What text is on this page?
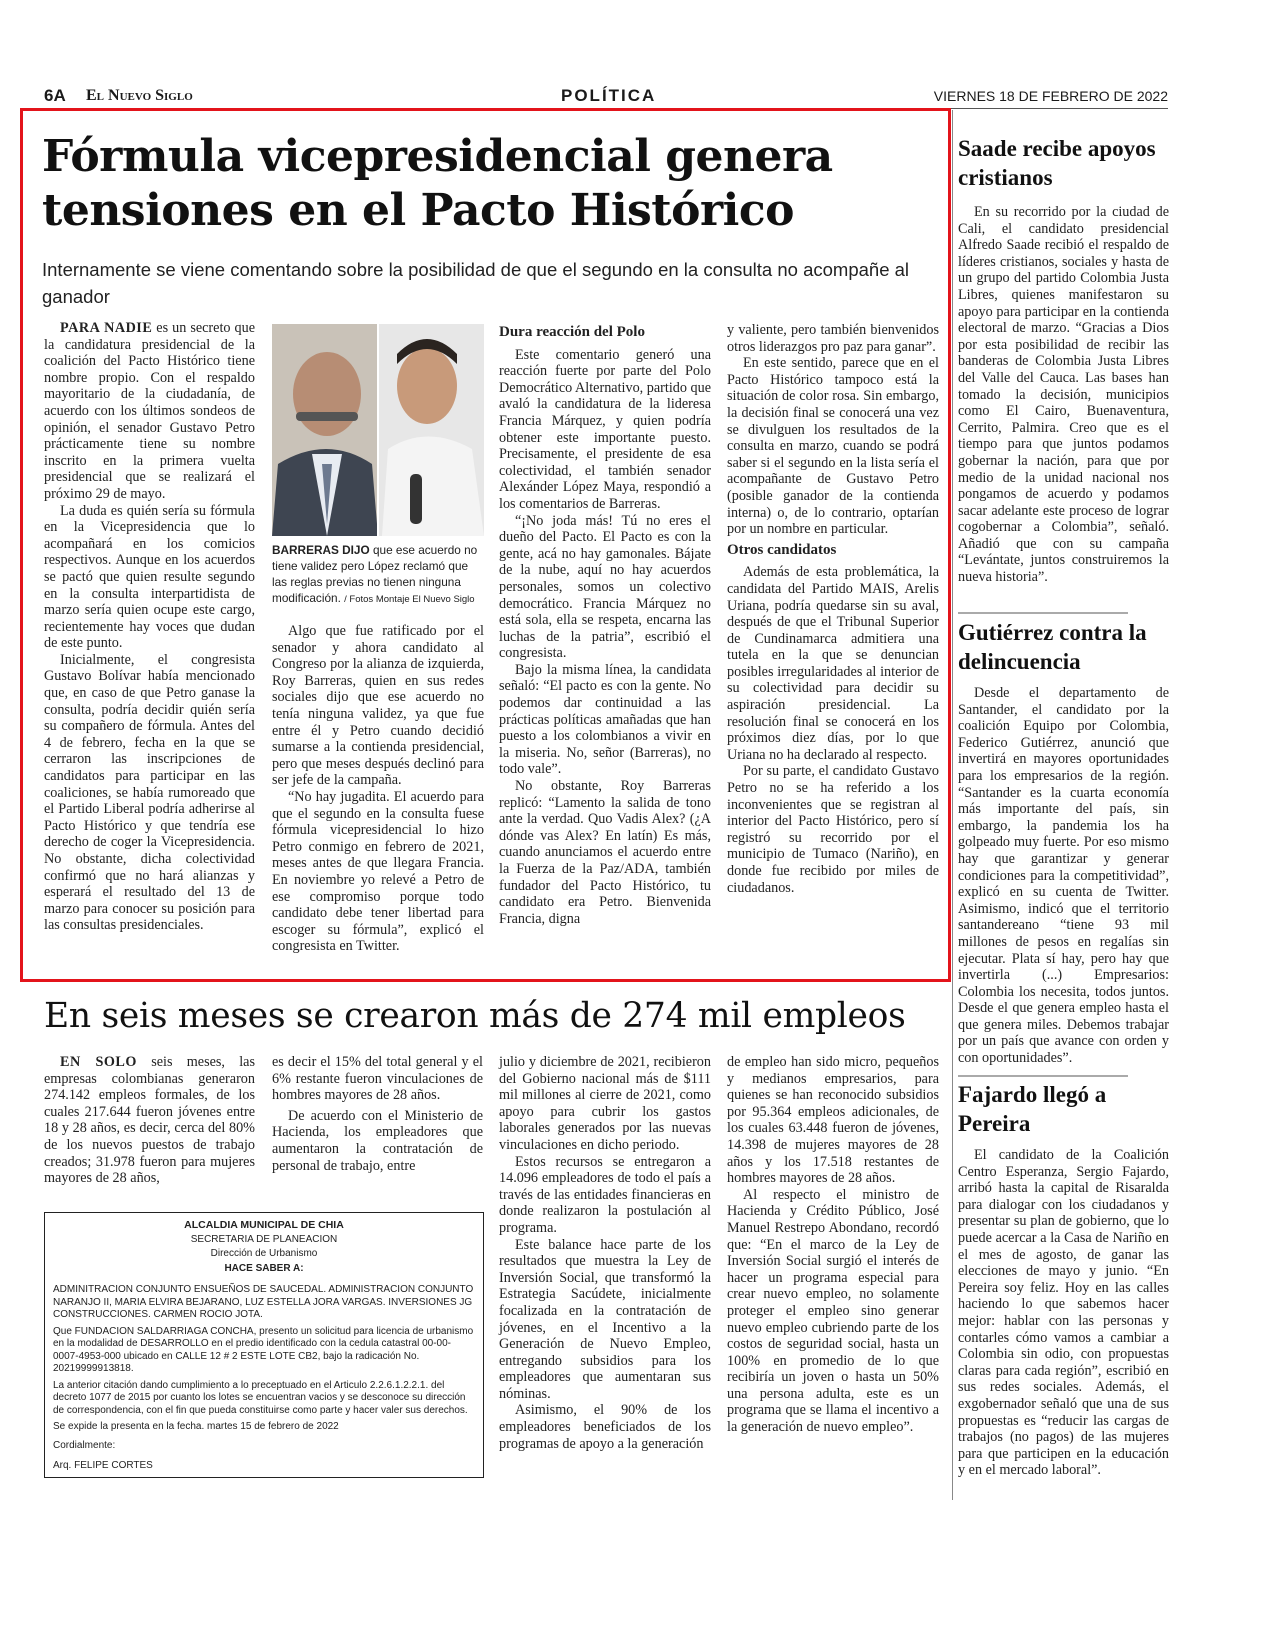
6A El Nuevo Siglo	POLÍTICA	VIERNES 18 DE FEBRERO DE 2022
Fórmula vicepresidencial genera
tensiones en el Pacto Histórico
Internamente se viene comentando sobre la posibilidad de que el segundo en la consulta no acompañe al ganador

PARA NADIE es un secreto que la candidatura presidencial de la coalición del Pacto Histórico tiene nombre propio. Con el respaldo mayoritario de la ciudadanía, de acuerdo con los últimos sondeos de opinión, el senador Gustavo Petro prácticamente tiene su nombre inscrito en la primera vuelta presidencial que se realizará el próximo 29 de mayo.

La duda es quién sería su fórmula en la Vicepresidencia que lo acompañará en los comicios respectivos. Aunque en los acuerdos se pactó que quien resulte segundo en la consulta interpartidista de marzo sería quien ocupe este cargo, recientemente hay voces que dudan de este punto.

Inicialmente, el congresista Gustavo Bolívar había mencionado que, en caso de que Petro ganase la consulta, podría decidir quién sería su compañero de fórmula. Antes del 4 de febrero, fecha en la que se cerraron las inscripciones de candidatos para participar en las coaliciones, se había rumoreado que el Partido Liberal podría adherirse al Pacto Histórico y que tendría ese derecho de coger la Vicepresidencia. No obstante, dicha colectividad confirmó que no hará alianzas y esperará el resultado del 13 de marzo para conocer su posición para las consultas presidenciales.

BARRERAS DIJO que ese acuerdo no tiene validez pero López reclamó que las reglas previas no tienen ninguna modificación. / Fotos Montaje El Nuevo Siglo

Algo que fue ratificado por el senador y ahora candidato al Congreso por la alianza de izquierda, Roy Barreras, quien en sus redes sociales dijo que ese acuerdo no tenía ninguna validez, ya que fue entre él y Petro cuando decidió sumarse a la contienda presidencial, pero que meses después declinó para ser jefe de la campaña.

“No hay jugadita. El acuerdo para que el segundo en la consulta fuese fórmula vicepresidencial lo hizo Petro conmigo en febrero de 2021, meses antes de que llegara Francia. En noviembre yo relevé a Petro de ese compromiso porque todo candidato debe tener libertad para escoger su fórmula”, explicó el congresista en Twitter.

Dura reacción del Polo

Este comentario generó una reacción fuerte por parte del Polo Democrático Alternativo, partido que avaló la candidatura de la lideresa Francia Márquez, y quien podría obtener este importante puesto. Precisamente, el presidente de esa colectividad, el también senador Alexánder López Maya, respondió a los comentarios de Barreras.

“¡No joda más! Tú no eres el dueño del Pacto. El Pacto es con la gente, acá no hay gamonales. Bájate de la nube, aquí no hay acuerdos personales, somos un colectivo democrático. Francia Márquez no está sola, ella se respeta, encarna las luchas de la patria”, escribió el congresista.

Bajo la misma línea, la candidata señaló: “El pacto es con la gente. No podemos dar continuidad a las prácticas políticas amañadas que han puesto a los colombianos a vivir en la miseria. No, señor (Barreras), no todo vale”.

No obstante, Roy Barreras replicó: “Lamento la salida de tono ante la verdad. Quo Vadis Alex? (¿A dónde vas Alex? En latín) Es más, cuando anunciamos el acuerdo entre la Fuerza de la Paz/ADA, también fundador del Pacto Histórico, tu candidato era Petro. Bienvenida Francia, digna

y valiente, pero también bienvenidos otros liderazgos pro paz para ganar”.

En este sentido, parece que en el Pacto Histórico tampoco está la situación de color rosa. Sin embargo, la decisión final se conocerá una vez se divulguen los resultados de la consulta en marzo, cuando se podrá saber si el segundo en la lista sería el acompañante de Gustavo Petro (posible ganador de la contienda interna) o, de lo contrario, optarían por un nombre en particular.

Otros candidatos

Además de esta problemática, la candidata del Partido MAIS, Arelis Uriana, podría quedarse sin su aval, después de que el Tribunal Superior de Cundinamarca admitiera una tutela en la que se denuncian posibles irregularidades al interior de su colectividad para decidir su aspiración presidencial. La resolución final se conocerá en los próximos diez días, por lo que Uriana no ha declarado al respecto.

Por su parte, el candidato Gustavo Petro no se ha referido a los inconvenientes que se registran al interior del Pacto Histórico, pero sí registró su recorrido por el municipio de Tumaco (Nariño), en donde fue recibido por miles de ciudadanos.

Saade recibe apoyos cristianos

En su recorrido por la ciudad de Cali, el candidato presidencial Alfredo Saade recibió el respaldo de líderes cristianos, sociales y hasta de un grupo del partido Colombia Justa Libres, quienes manifestaron su apoyo para participar en la contienda electoral de marzo. “Gracias a Dios por esta posibilidad de recibir las banderas de Colombia Justa Libres del Valle del Cauca. Las bases han tomado la decisión, municipios como El Cairo, Buenaventura, Cerrito, Palmira. Creo que es el tiempo para que juntos podamos gobernar la nación, para que por medio de la unidad nacional nos pongamos de acuerdo y podamos sacar adelante este proceso de lograr cogobernar a Colombia”, señaló. Añadió que con su campaña “Levántate, juntos construiremos la nueva historia”.

Gutiérrez contra la delincuencia

Desde el departamento de Santander, el candidato por la coalición Equipo por Colombia, Federico Gutiérrez, anunció que invertirá en mayores oportunidades para los empresarios de la región. “Santander es la cuarta economía más importante del país, sin embargo, la pandemia los ha golpeado muy fuerte. Por eso mismo hay que garantizar y generar condiciones para la competitividad”, explicó en su cuenta de Twitter. Asimismo, indicó que el territorio santandereano “tiene 93 mil millones de pesos en regalías sin ejecutar. Plata sí hay, pero hay que invertirla (...) Empresarios: Colombia los necesita, todos juntos. Desde el que genera empleo hasta el que genera miles. Debemos trabajar por un país que avance con orden y con oportunidades”.

Fajardo llegó a Pereira

El candidato de la Coalición Centro Esperanza, Sergio Fajardo, arribó hasta la capital de Risaralda para dialogar con los ciudadanos y presentar su plan de gobierno, que lo puede acercar a la Casa de Nariño en el mes de agosto, de ganar las elecciones de mayo y junio. “En Pereira soy feliz. Hoy en las calles haciendo lo que sabemos hacer mejor: hablar con las personas y contarles cómo vamos a cambiar a Colombia sin odio, con propuestas claras para cada región”, escribió en sus redes sociales. Además, el exgobernador señaló que una de sus propuestas es “reducir las cargas de trabajos (no pagos) de las mujeres para que participen en la educación y en el mercado laboral”.

En seis meses se crearon más de 274 mil empleos

EN SOLO seis meses, las empresas colombianas generaron 274.142 empleos formales, de los cuales 217.644 fueron jóvenes entre 18 y 28 años, es decir, cerca del 80% de los nuevos puestos de trabajo creados; 31.978 fueron para mujeres mayores de 28 años,

es decir el 15% del total general y el 6% restante fueron vinculaciones de hombres mayores de 28 años.

De acuerdo con el Ministerio de Hacienda, los empleadores que aumentaron la contratación de personal de trabajo, entre

julio y diciembre de 2021, recibieron del Gobierno nacional más de $111 mil millones al cierre de 2021, como apoyo para cubrir los gastos laborales generados por las nuevas vinculaciones en dicho periodo.

Estos recursos se entregaron a 14.096 empleadores de todo el país a través de las entidades financieras en donde realizaron la postulación al programa.

Este balance hace parte de los resultados que muestra la Ley de Inversión Social, que transformó la Estrategia Sacúdete, inicialmente focalizada en la contratación de jóvenes, en el Incentivo a la Generación de Nuevo Empleo, entregando subsidios para los empleadores que aumentaran sus nóminas.

Asimismo, el 90% de los empleadores beneficiados de los programas de apoyo a la generación

de empleo han sido micro, pequeños y medianos empresarios, para quienes se han reconocido subsidios por 95.364 empleos adicionales, de los cuales 63.448 fueron de jóvenes, 14.398 de mujeres mayores de 28 años y los 17.518 restantes de hombres mayores de 28 años.

Al respecto el ministro de Hacienda y Crédito Público, José Manuel Restrepo Abondano, recordó que: “En el marco de la Ley de Inversión Social surgió el interés de hacer un programa especial para crear nuevo empleo, no solamente proteger el empleo sino generar nuevo empleo cubriendo parte de los costos de seguridad social, hasta un 100% en promedio de lo que recibiría un joven o hasta un 50% una persona adulta, este es un programa que se llama el incentivo a la generación de nuevo empleo”.

ALCALDIA MUNICIPAL DE CHIA
SECRETARIA DE PLANEACION
Dirección de Urbanismo
HACE SABER A:
ADMINITRACION CONJUNTO ENSUEÑOS DE SAUCEDAL. ADMINISTRACION CONJUNTO NARANJO II, MARIA ELVIRA BEJARANO, LUZ ESTELLA JORA VARGAS. INVERSIONES JG CONSTRUCCIONES. CARMEN ROCIO JOTA.
Que FUNDACION SALDARRIAGA CONCHA, presento un solicitud para licencia de urbanismo en la modalidad de DESARROLLO en el predio identificado con la cedula catastral 00-00-0007-4953-000 ubicado en CALLE 12 # 2 ESTE LOTE CB2, bajo la radicación No. 20219999913818.
La anterior citación dando cumplimiento a lo preceptuado en el Articulo 2.2.6.1.2.2.1. del decreto 1077 de 2015 por cuanto los lotes se encuentran vacios y se desconoce su dirección de correspondencia, con el fin que pueda constituirse como parte y hacer valer sus derechos.
Se expide la presenta en la fecha. martes 15 de febrero de 2022
Cordialmente:
Arq. FELIPE CORTES
